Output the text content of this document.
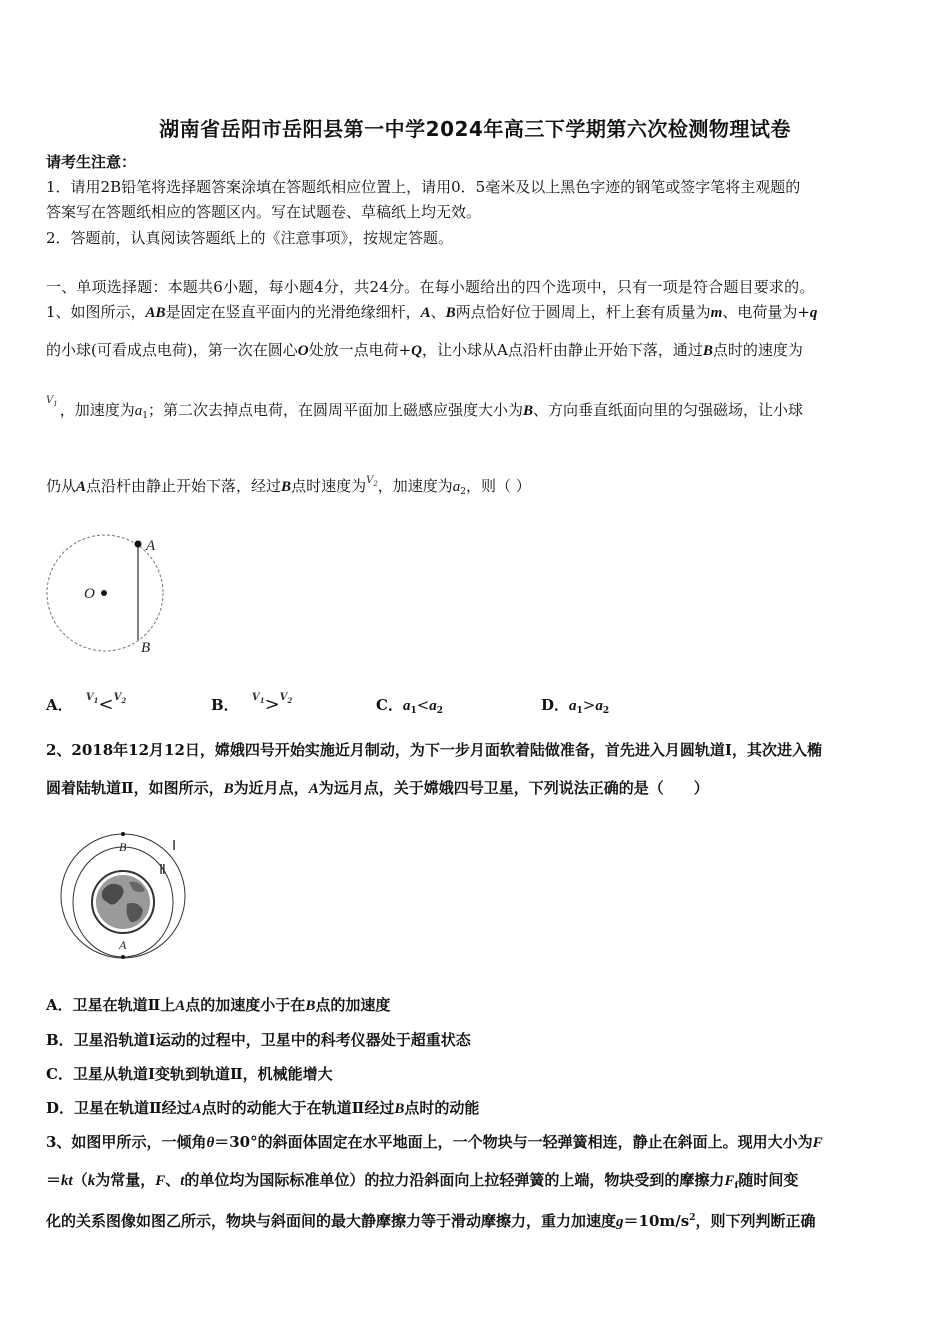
湖南省岳阳市岳阳县第一中学2024年高三下学期第六次检测物理试卷
请考生注意：
1．请用2B铅笔将选择题答案涂填在答题纸相应位置上，请用0．5毫米及以上黑色字迹的钢笔或签字笔将主观题的
答案写在答题纸相应的答题区内。写在试题卷、草稿纸上均无效。
2．答题前，认真阅读答题纸上的《注意事项》，按规定答题。
一、单项选择题：本题共6小题，每小题4分，共24分。在每小题给出的四个选项中，只有一项是符合题目要求的。
1、如图所示，AB是固定在竖直平面内的光滑绝缘细杆，A、B两点恰好位于圆周上，杆上套有质量为m、电荷量为+q
的小球(可看成点电荷)，第一次在圆心O处放一点电荷+Q，让小球从A点沿杆由静止开始下落，通过B点时的速度为
$^{V_1}$ ，加速度为$a_1$；第二次去掉点电荷，在圆周平面加上磁感应强度大小为B、方向垂直纸面向里的匀强磁场，让小球
仍从A点沿杆由静止开始下落，经过B点时速度为$^{V_2}$，加速度为$a_2$，则（ ）
A
B
O
A． $^{V_1}$<$^{V_2}$	B． $^{V_1}$>$^{V_2}$	C．$a_1<a_2$	D．$a_1>a_2$
2、2018年12月12日，嫦娥四号开始实施近月制动，为下一步月面软着陆做准备，首先进入月圆轨道Ⅰ，其次进入椭
圆着陆轨道Ⅱ，如图所示，B为近月点，A为远月点，关于嫦娥四号卫星，下列说法正确的是（　　）
B
A
Ⅰ
Ⅱ
A．卫星在轨道Ⅱ上A点的加速度小于在B点的加速度
B．卫星沿轨道Ⅰ运动的过程中，卫星中的科考仪器处于超重状态
C．卫星从轨道Ⅰ变轨到轨道Ⅱ，机械能增大
D．卫星在轨道Ⅱ经过A点时的动能大于在轨道Ⅱ经过B点时的动能
3、如图甲所示，一倾角θ＝30°的斜面体固定在水平地面上，一个物块与一轻弹簧相连，静止在斜面上。现用大小为F
＝kt（k为常量，F、t的单位均为国际标准单位）的拉力沿斜面向上拉轻弹簧的上端，物块受到的摩擦力$F_f$随时间变
化的关系图像如图乙所示，物块与斜面间的最大静摩擦力等于滑动摩擦力，重力加速度$g=10m/s^2$，则下列判断正确
